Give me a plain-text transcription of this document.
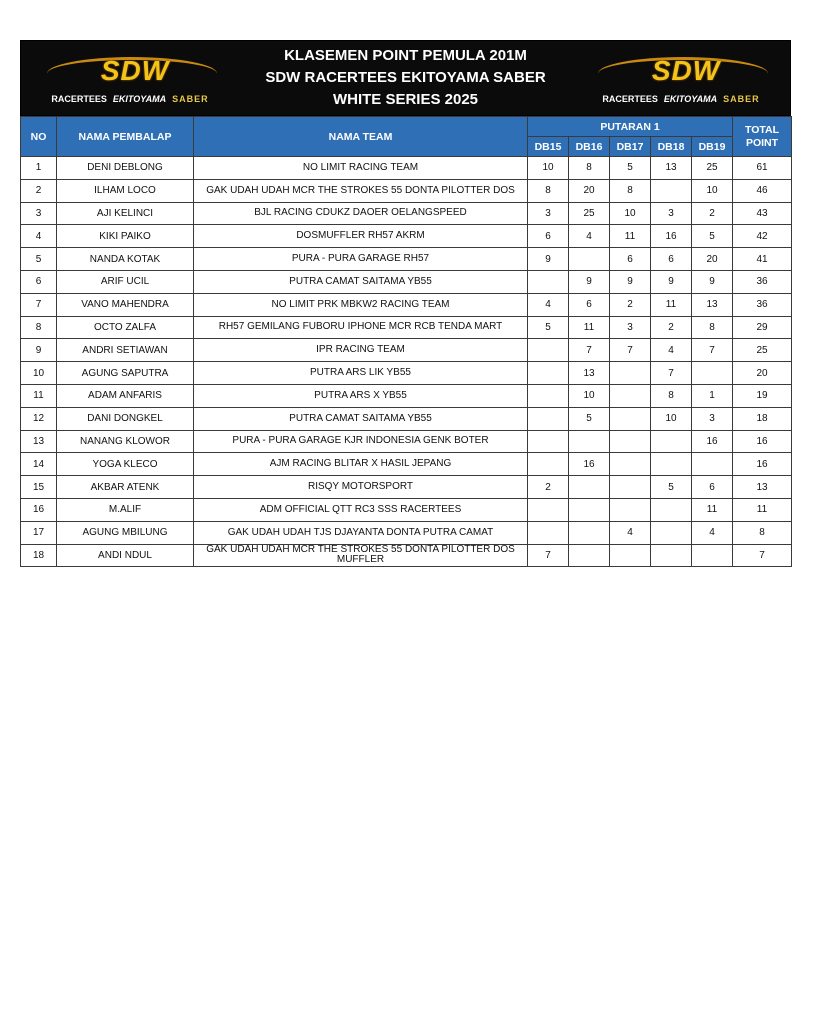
SDW
RACERTEES EKITOYAMA SABER
KLASEMEN POINT PEMULA 201M
SDW RACERTEES EKITOYAMA SABER
WHITE SERIES 2025
SDW
RACERTEES EKITOYAMA SABER
NO	NAMA PEMBALAP	NAMA TEAM	PUTARAN 1					TOTAL POINT
			DB15	DB16	DB17	DB18	DB19	
1	DENI DEBLONG	NO LIMIT RACING TEAM	10	8	5	13	25	61
2	ILHAM LOCO	GAK UDAH UDAH MCR THE STROKES 55 DONTA PILOTTER DOS	8	20	8		10	46
3	AJI KELINCI	BJL RACING CDUKZ DAOER OELANGSPEED	3	25	10	3	2	43
4	KIKI PAIKO	DOSMUFFLER RH57 AKRM	6	4	11	16	5	42
5	NANDA KOTAK	PURA - PURA GARAGE RH57	9		6	6	20	41
6	ARIF UCIL	PUTRA CAMAT SAITAMA YB55		9	9	9	9	36
7	VANO MAHENDRA	NO LIMIT PRK MBKW2 RACING TEAM	4	6	2	11	13	36
8	OCTO ZALFA	RH57 GEMILANG FUBORU IPHONE MCR RCB TENDA MART	5	11	3	2	8	29
9	ANDRI SETIAWAN	IPR RACING TEAM		7	7	4	7	25
10	AGUNG SAPUTRA	PUTRA ARS LIK YB55		13		7		20
11	ADAM ANFARIS	PUTRA ARS X YB55		10		8	1	19
12	DANI DONGKEL	PUTRA CAMAT SAITAMA YB55		5		10	3	18
13	NANANG KLOWOR	PURA - PURA GARAGE KJR INDONESIA GENK BOTER					16	16
14	YOGA KLECO	AJM RACING BLITAR X HASIL JEPANG		16				16
15	AKBAR ATENK	RISQY MOTORSPORT	2			5	6	13
16	M.ALIF	ADM OFFICIAL QTT RC3 SSS RACERTEES					11	11
17	AGUNG MBILUNG	GAK UDAH UDAH TJS DJAYANTA DONTA PUTRA CAMAT			4		4	8
18	ANDI NDUL	GAK UDAH UDAH MCR THE STROKES 55 DONTA PILOTTER DOS MUFFLER	7					7
